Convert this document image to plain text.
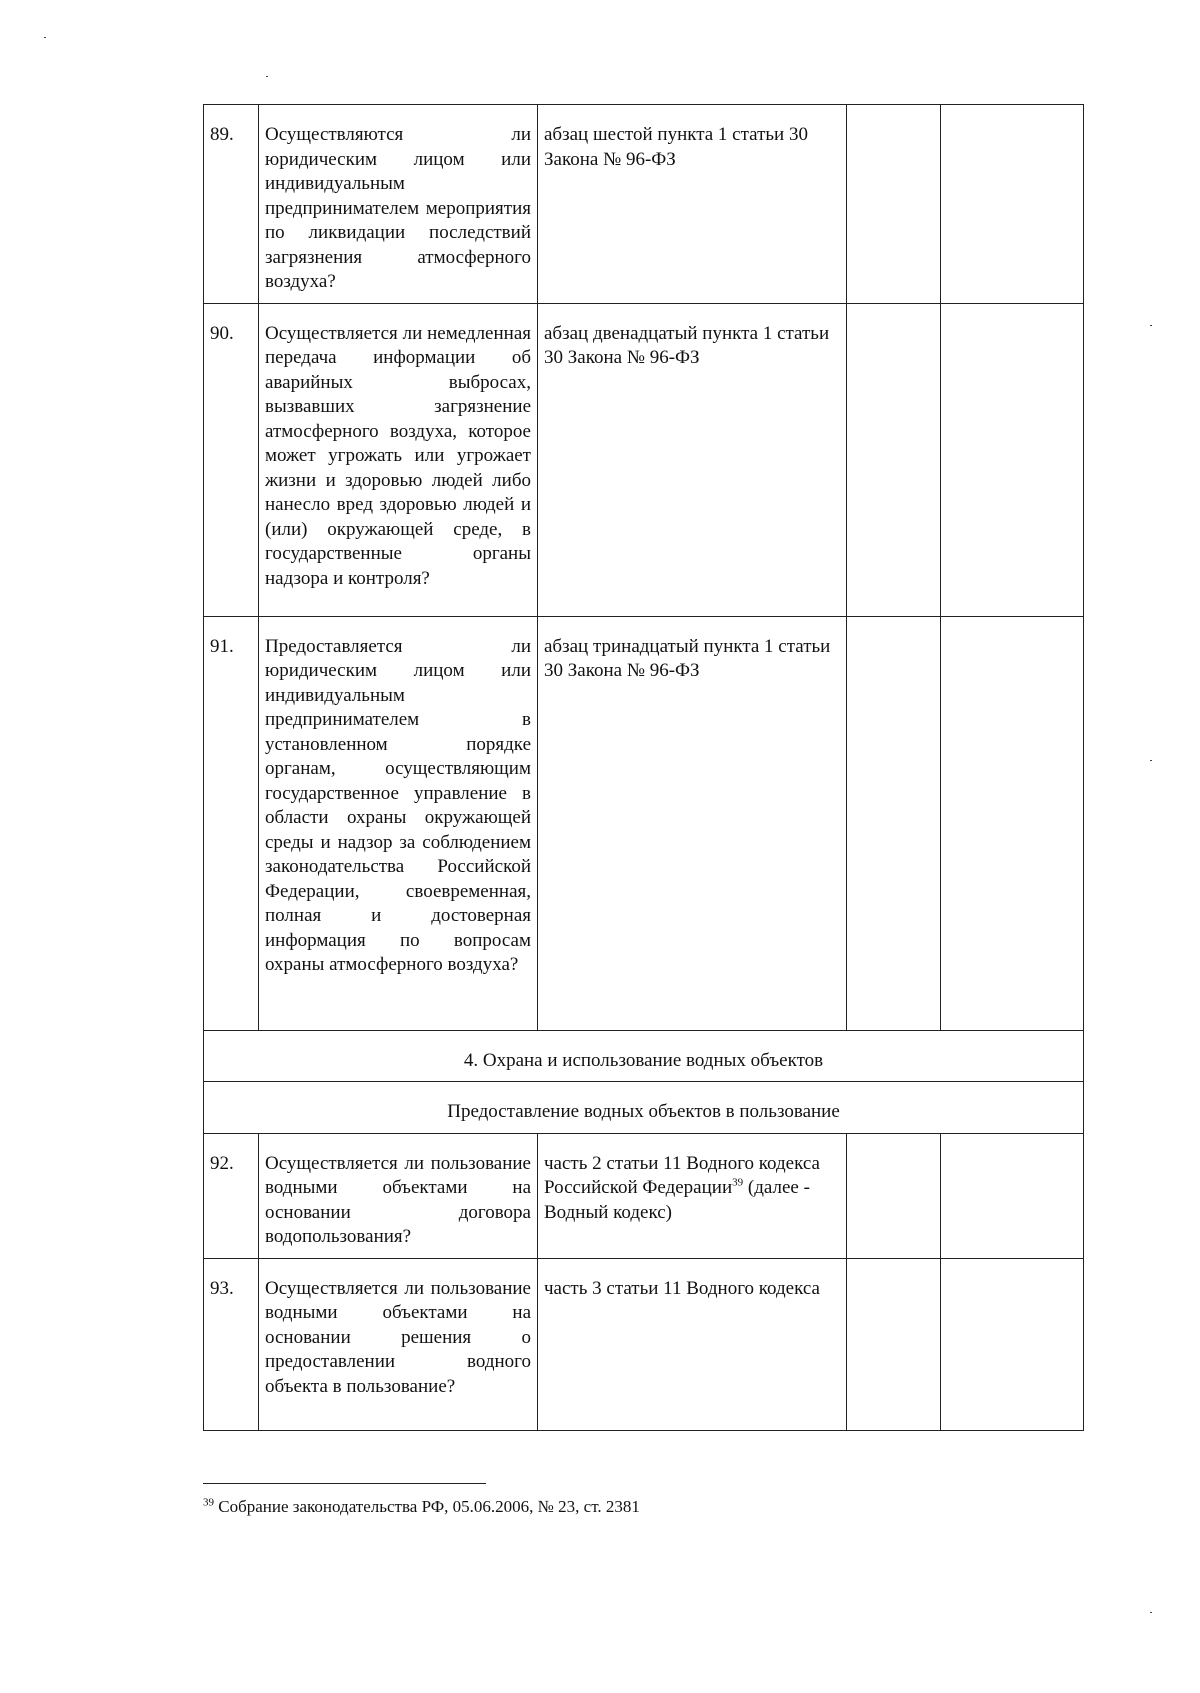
89.	Осуществляются ли юридическим лицом или индивидуальным предпринимателем мероприятия по ликвидации последствий загрязнения атмосферного воздуха?	абзац шестой пункта 1 статьи 30 Закона № 96-ФЗ		
90.	Осуществляется ли немедленная передача информации об аварийных выбросах, вызвавших загрязнение атмосферного воздуха, которое может угрожать или угрожает жизни и здоровью людей либо нанесло вред здоровью людей и (или) окружающей среде, в государственные органы надзора и контроля?	абзац двенадцатый пункта 1 статьи 30 Закона № 96-ФЗ		
91.	Предоставляется ли юридическим лицом или индивидуальным предпринимателем в установленном порядке органам, осуществляющим государственное управление в области охраны окружающей среды и надзор за соблюдением законодательства Российской Федерации, своевременная, полная и достоверная информация по вопросам охраны атмосферного воздуха?	абзац тринадцатый пункта 1 статьи 30 Закона № 96-ФЗ		
4. Охрана и использование водных объектов				
Предоставление водных объектов в пользование				
92.	Осуществляется ли пользование водными объектами на основании договора водопользования?	часть 2 статьи 11 Водного кодекса Российской Федерации$^{39}$ (далее - Водный кодекс)		
93.	Осуществляется ли пользование водными объектами на основании решения о предоставлении водного объекта в пользование?	часть 3 статьи 11 Водного кодекса		
$^{39}$ Собрание законодательства РФ, 05.06.2006, № 23, ст. 2381
